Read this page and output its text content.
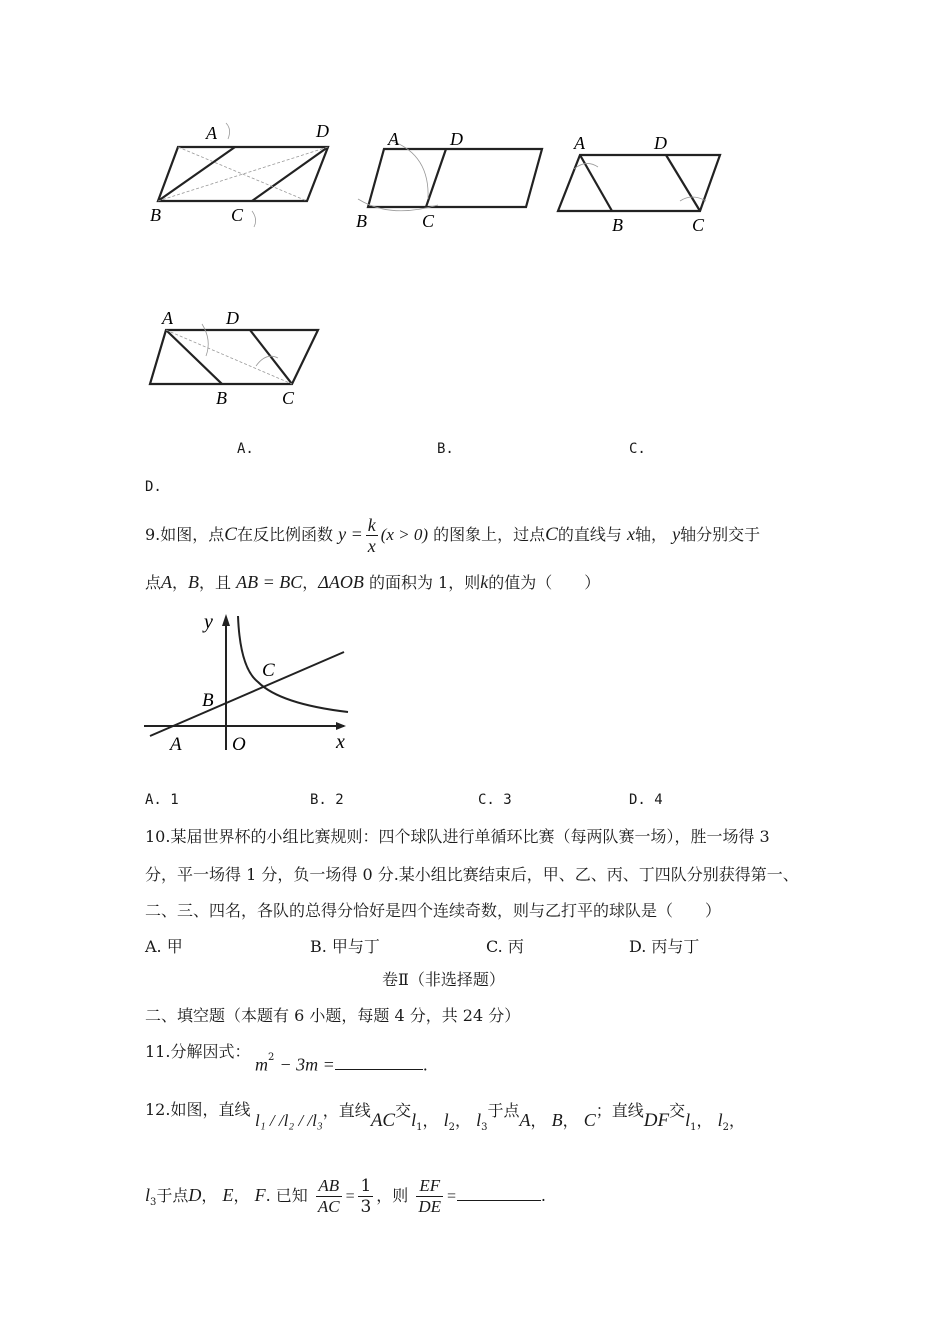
A	D
B	C
A	D
B	C
A	D
B	C
A	D
B	C
A.	B.	C.
D.
9.如图，点C在反比例函数 $y = \frac{k}{x} (x > 0)$ 的图象上，过点C的直线与 x轴， y轴分别交于
点A，B，且 AB = BC，ΔAOB 的面积为 1，则k的值为（　　）
y
x
O
A
B
C
A. 1	B. 2	C. 3	D. 4
10.某届世界杯的小组比赛规则：四个球队进行单循环比赛（每两队赛一场），胜一场得 3
分，平一场得 1 分，负一场得 0 分.某小组比赛结束后，甲、乙、丙、丁四队分别获得第一、
二、三、四名，各队的总得分恰好是四个连续奇数，则与乙打平的球队是（　　）
A. 甲	B. 甲与丁	C. 丙	D. 丙与丁
卷Ⅱ（非选择题）
二、填空题（本题有 6 小题，每题 4 分，共 24 分）
11.分解因式：
$m^2 - 3m$ =	.
12.如图，直线
l₁ / /l₂ / /l₃，直线AC交$l_1$， $l_2$， $l_3$于点A， B， C；直线DF交$l_1$， $l_2$，
$l_3$于点D， E， F. 已知 $\frac{AB}{AC} = \frac{1}{3}$ ，则 $\frac{EF}{DE}$ =	.
